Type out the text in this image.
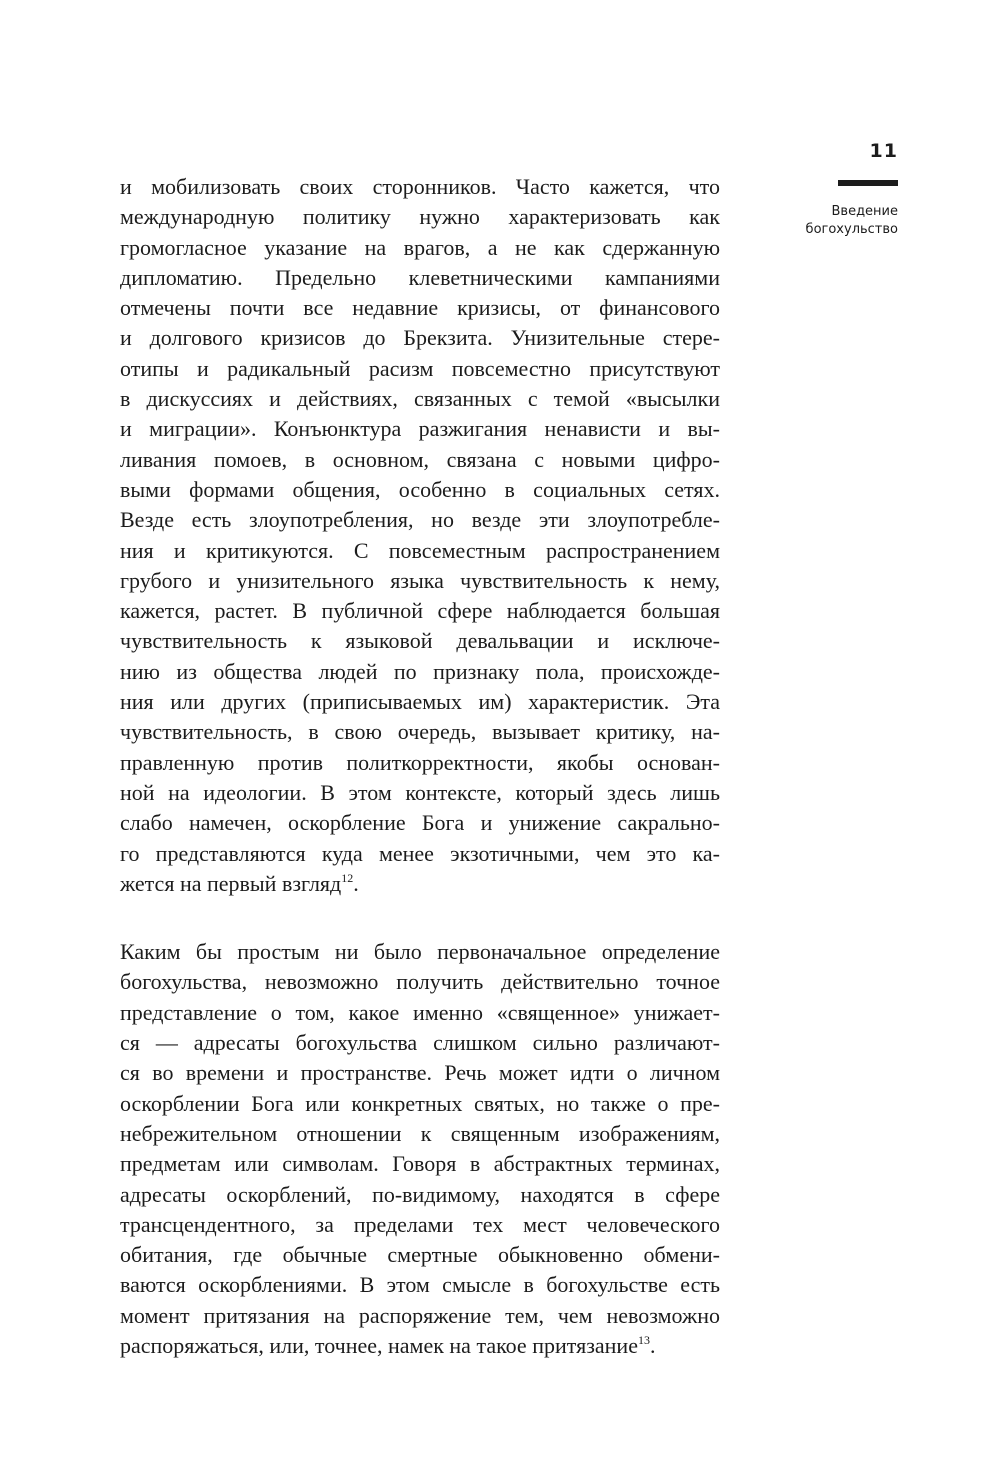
11
Введение
богохульство

и мобилизовать своих сторонников. Часто кажется, что
международную политику нужно характеризовать как
громогласное указание на врагов, а не как сдержанную
дипломатию. Предельно клеветническими кампаниями
отмечены почти все недавние кризисы, от финансового
и долгового кризисов до Брекзита. Унизительные стере-
отипы и радикальный расизм повсеместно присутствуют
в дискуссиях и действиях, связанных с темой «высылки
и миграции». Конъюнктура разжигания ненависти и вы-
ливания помоев, в основном, связана с новыми цифро-
выми формами общения, особенно в социальных сетях.
Везде есть злоупотребления, но везде эти злоупотребле-
ния и критикуются. С повсеместным распространением
грубого и унизительного языка чувствительность к нему,
кажется, растет. В публичной сфере наблюдается большая
чувствительность к языковой девальвации и исключе-
нию из общества людей по признаку пола, происхожде-
ния или других (приписываемых им) характеристик. Эта
чувствительность, в свою очередь, вызывает критику, на-
правленную против политкорректности, якобы основан-
ной на идеологии. В этом контексте, который здесь лишь
слабо намечен, оскорбление Бога и унижение сакрально-
го представляются куда менее экзотичными, чем это ка-
жется на первый взгляд$^{12}$.

Каким бы простым ни было первоначальное определение
богохульства, невозможно получить действительно точное
представление о том, какое именно «священное» унижает-
ся — адресаты богохульства слишком сильно различают-
ся во времени и пространстве. Речь может идти о личном
оскорблении Бога или конкретных святых, но также о пре-
небрежительном отношении к священным изображениям,
предметам или символам. Говоря в абстрактных терминах,
адресаты оскорблений, по-видимому, находятся в сфере
трансцендентного, за пределами тех мест человеческого
обитания, где обычные смертные обыкновенно обмени-
ваются оскорблениями. В этом смысле в богохульстве есть
момент притязания на распоряжение тем, чем невозможно
распоряжаться, или, точнее, намек на такое притязание$^{13}$.
